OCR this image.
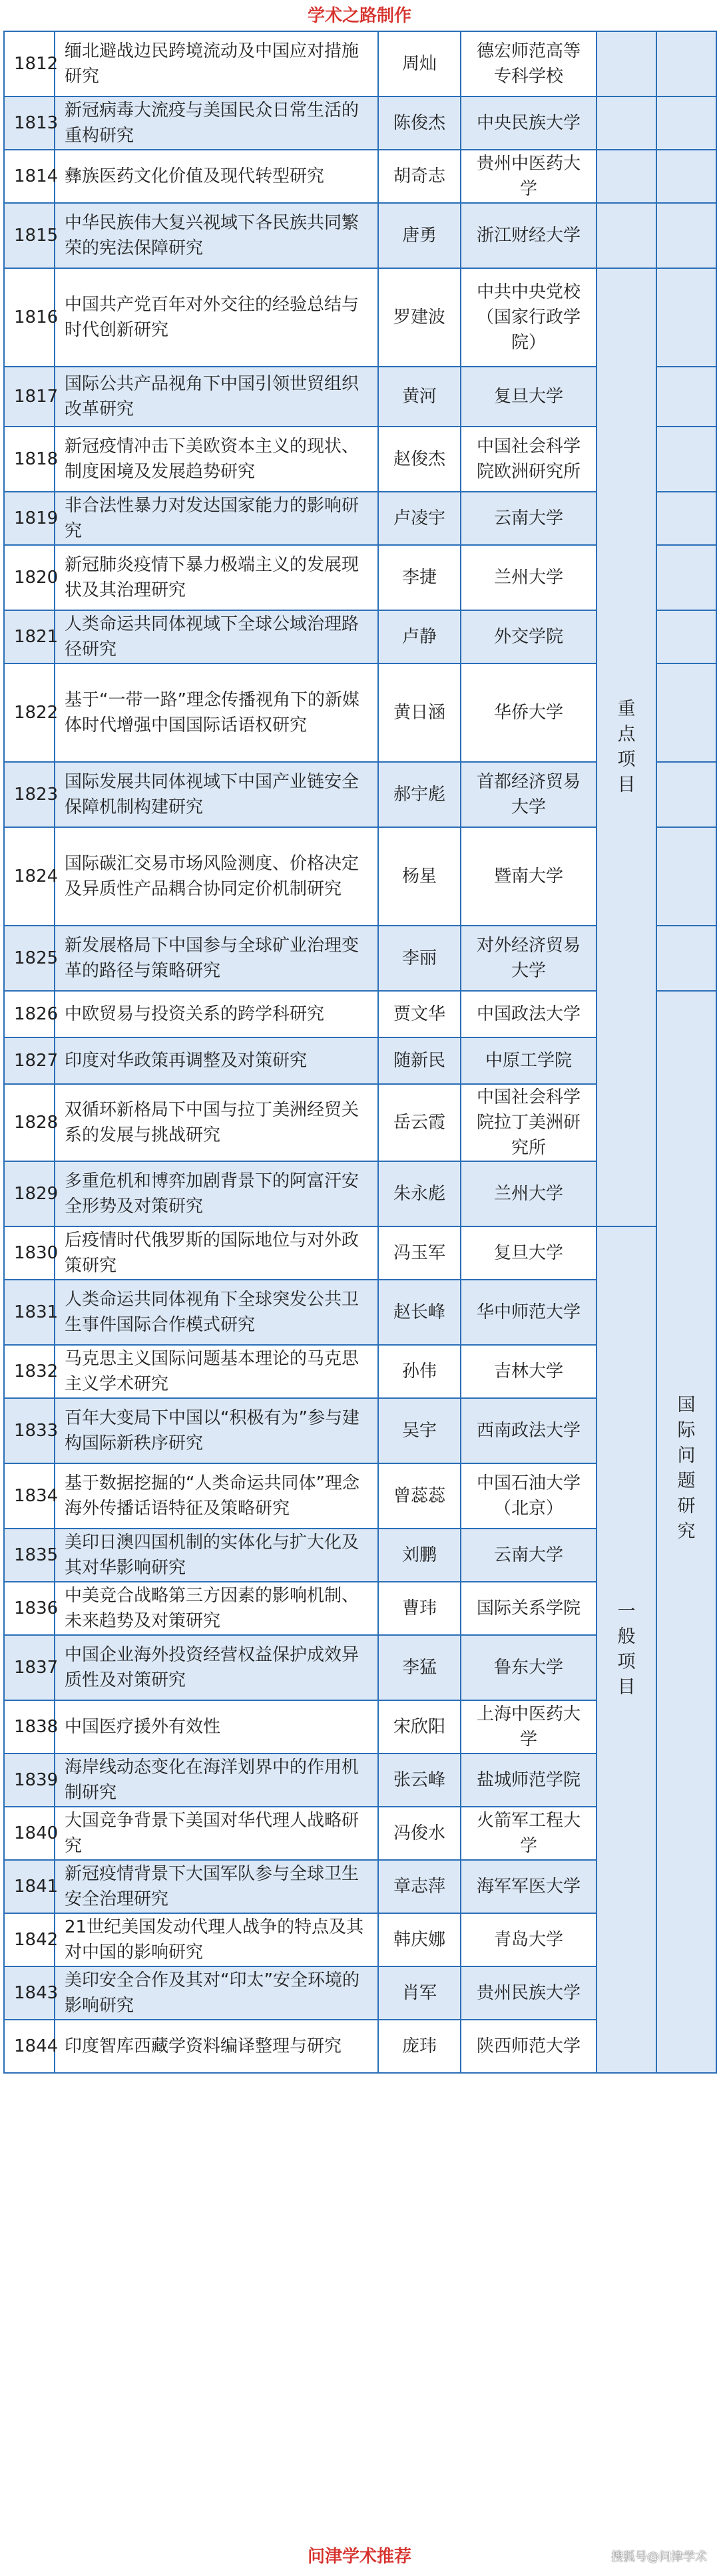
学术之路制作
1812	缅北避战边民跨境流动及中国应对措施研究	周灿	德宏师范高等专科学校		
1813	新冠病毒大流疫与美国民众日常生活的重构研究	陈俊杰	中央民族大学		
1814	彝族医药文化价值及现代转型研究	胡奇志	贵州中医药大学		
1815	中华民族伟大复兴视域下各民族共同繁荣的宪法保障研究	唐勇	浙江财经大学		
1816	中国共产党百年对外交往的经验总结与时代创新研究	罗建波	中共中央党校（国家行政学院）	重点项目	
1817	国际公共产品视角下中国引领世贸组织改革研究	黄河	复旦大学		
1818	新冠疫情冲击下美欧资本主义的现状、制度困境及发展趋势研究	赵俊杰	中国社会科学院欧洲研究所		
1819	非合法性暴力对发达国家能力的影响研究	卢凌宇	云南大学		
1820	新冠肺炎疫情下暴力极端主义的发展现状及其治理研究	李捷	兰州大学		
1821	人类命运共同体视域下全球公域治理路径研究	卢静	外交学院		
1822	基于“一带一路”理念传播视角下的新媒体时代增强中国国际话语权研究	黄日涵	华侨大学		
1823	国际发展共同体视域下中国产业链安全保障机制构建研究	郝宇彪	首都经济贸易大学		
1824	国际碳汇交易市场风险测度、价格决定及异质性产品耦合协同定价机制研究	杨星	暨南大学		
1825	新发展格局下中国参与全球矿业治理变革的路径与策略研究	李丽	对外经济贸易大学		
1826	中欧贸易与投资关系的跨学科研究	贾文华	中国政法大学		国际问题研究
1827	印度对华政策再调整及对策研究	随新民	中原工学院		
1828	双循环新格局下中国与拉丁美洲经贸关系的发展与挑战研究	岳云霞	中国社会科学院拉丁美洲研究所		
1829	多重危机和博弈加剧背景下的阿富汗安全形势及对策研究	朱永彪	兰州大学		
1830	后疫情时代俄罗斯的国际地位与对外政策研究	冯玉军	复旦大学	一般项目	
1831	人类命运共同体视角下全球突发公共卫生事件国际合作模式研究	赵长峰	华中师范大学		
1832	马克思主义国际问题基本理论的马克思主义学术研究	孙伟	吉林大学		
1833	百年大变局下中国以“积极有为”参与建构国际新秩序研究	吴宇	西南政法大学		
1834	基于数据挖掘的“人类命运共同体”理念海外传播话语特征及策略研究	曾蕊蕊	中国石油大学（北京）		
1835	美印日澳四国机制的实体化与扩大化及其对华影响研究	刘鹏	云南大学		
1836	中美竞合战略第三方因素的影响机制、未来趋势及对策研究	曹玮	国际关系学院		
1837	中国企业海外投资经营权益保护成效异质性及对策研究	李猛	鲁东大学		
1838	中国医疗援外有效性	宋欣阳	上海中医药大学		
1839	海岸线动态变化在海洋划界中的作用机制研究	张云峰	盐城师范学院		
1840	大国竞争背景下美国对华代理人战略研究	冯俊水	火箭军工程大学		
1841	新冠疫情背景下大国军队参与全球卫生安全治理研究	章志萍	海军军医大学		
1842	21世纪美国发动代理人战争的特点及其对中国的影响研究	韩庆娜	青岛大学		
1843	美印安全合作及其对“印太”安全环境的影响研究	肖军	贵州民族大学		
1844	印度智库西藏学资料编译整理与研究	庞玮	陕西师范大学		
问津学术推荐	搜狐号@问津学术
